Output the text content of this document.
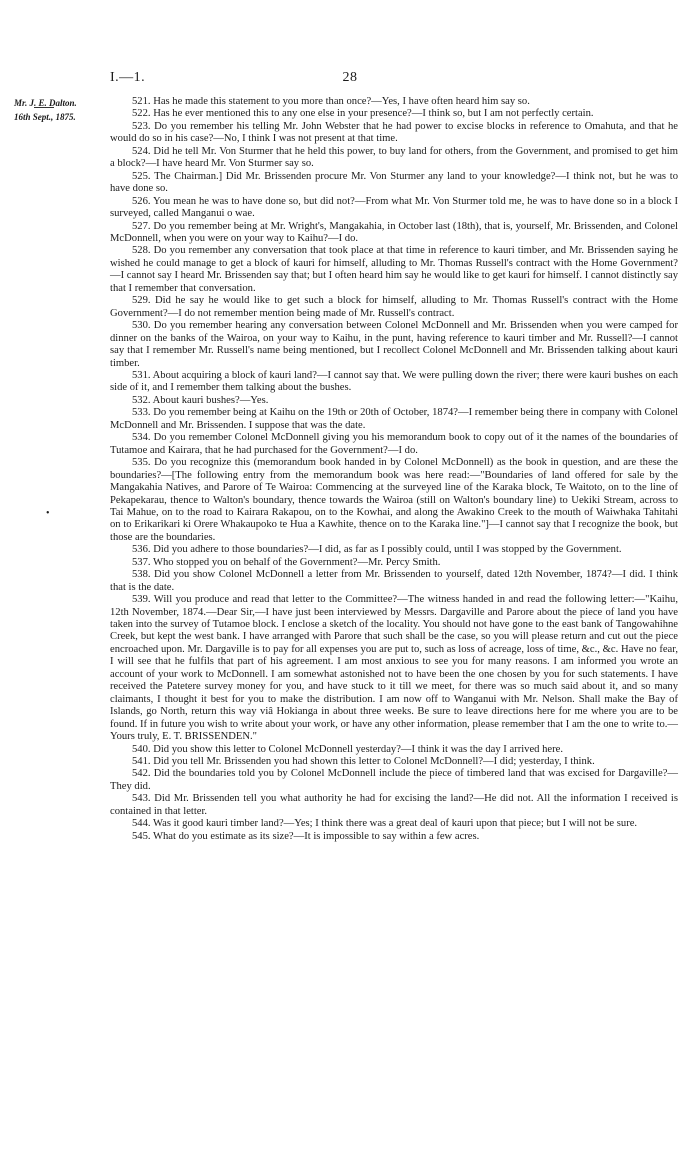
I.—1.	28
Mr. J. E. Dalton.
16th Sept., 1875.
•

521. Has he made this statement to you more than once?—Yes, I have often heard him say so.

522. Has he ever mentioned this to any one else in your presence?—I think so, but I am not perfectly certain.

523. Do you remember his telling Mr. John Webster that he had power to excise blocks in reference to Omahuta, and that he would do so in his case?—No, I think I was not present at that time.

524. Did he tell Mr. Von Sturmer that he held this power, to buy land for others, from the Government, and promised to get him a block?—I have heard Mr. Von Sturmer say so.

525. The Chairman.] Did Mr. Brissenden procure Mr. Von Sturmer any land to your knowledge?—I think not, but he was to have done so.

526. You mean he was to have done so, but did not?—From what Mr. Von Sturmer told me, he was to have done so in a block I surveyed, called Manganui o wae.

527. Do you remember being at Mr. Wright's, Mangakahia, in October last (18th), that is, yourself, Mr. Brissenden, and Colonel McDonnell, when you were on your way to Kaihu?—I do.

528. Do you remember any conversation that took place at that time in reference to kauri timber, and Mr. Brissenden saying he wished he could manage to get a block of kauri for himself, alluding to Mr. Thomas Russell's contract with the Home Government?—I cannot say I heard Mr. Brissenden say that; but I often heard him say he would like to get kauri for himself. I cannot distinctly say that I remember that conversation.

529. Did he say he would like to get such a block for himself, alluding to Mr. Thomas Russell's contract with the Home Government?—I do not remember mention being made of Mr. Russell's contract.

530. Do you remember hearing any conversation between Colonel McDonnell and Mr. Brissenden when you were camped for dinner on the banks of the Wairoa, on your way to Kaihu, in the punt, having reference to kauri timber and Mr. Russell?—I cannot say that I remember Mr. Russell's name being mentioned, but I recollect Colonel McDonnell and Mr. Brissenden talking about kauri timber.

531. About acquiring a block of kauri land?—I cannot say that. We were pulling down the river; there were kauri bushes on each side of it, and I remember them talking about the bushes.

532. About kauri bushes?—Yes.

533. Do you remember being at Kaihu on the 19th or 20th of October, 1874?—I remember being there in company with Colonel McDonnell and Mr. Brissenden. I suppose that was the date.

534. Do you remember Colonel McDonnell giving you his memorandum book to copy out of it the names of the boundaries of Tutamoe and Kairara, that he had purchased for the Government?—I do.

535. Do you recognize this (memorandum book handed in by Colonel McDonnell) as the book in question, and are these the boundaries?—[The following entry from the memorandum book was here read:—"Boundaries of land offered for sale by the Mangakahia Natives, and Parore of Te Wairoa: Commencing at the surveyed line of the Karaka block, Te Waitoto, on to the line of Pekapekarau, thence to Walton's boundary, thence towards the Wairoa (still on Walton's boundary line) to Uekiki Stream, across to Tai Mahue, on to the road to Kairara Rakapou, on to the Kowhai, and along the Awakino Creek to the mouth of Waiwhaka Tahitahi on to Erikarikari ki Orere Whakaupoko te Hua a Kawhite, thence on to the Karaka line."]—I cannot say that I recognize the book, but those are the boundaries.

536. Did you adhere to those boundaries?—I did, as far as I possibly could, until I was stopped by the Government.

537. Who stopped you on behalf of the Government?—Mr. Percy Smith.

538. Did you show Colonel McDonnell a letter from Mr. Brissenden to yourself, dated 12th November, 1874?—I did. I think that is the date.

539. Will you produce and read that letter to the Committee?—The witness handed in and read the following letter:—"Kaihu, 12th November, 1874.—Dear Sir,—I have just been interviewed by Messrs. Dargaville and Parore about the piece of land you have taken into the survey of Tutamoe block. I enclose a sketch of the locality. You should not have gone to the east bank of Tangowahihne Creek, but kept the west bank. I have arranged with Parore that such shall be the case, so you will please return and cut out the piece encroached upon. Mr. Dargaville is to pay for all expenses you are put to, such as loss of acreage, loss of time, &c., &c. Have no fear, I will see that he fulfils that part of his agreement. I am most anxious to see you for many reasons. I am informed you wrote an account of your work to McDonnell. I am somewhat astonished not to have been the one chosen by you for such statements. I have received the Patetere survey money for you, and have stuck to it till we meet, for there was so much said about it, and so many claimants, I thought it best for you to make the distribution. I am now off to Wanganui with Mr. Nelson. Shall make the Bay of Islands, go North, return this way viâ Hokianga in about three weeks. Be sure to leave directions here for me where you are to be found. If in future you wish to write about your work, or have any other information, please remember that I am the one to write to.—Yours truly, E. T. BRISSENDEN."

540. Did you show this letter to Colonel McDonnell yesterday?—I think it was the day I arrived here.

541. Did you tell Mr. Brissenden you had shown this letter to Colonel McDonnell?—I did; yesterday, I think.

542. Did the boundaries told you by Colonel McDonnell include the piece of timbered land that was excised for Dargaville?—They did.

543. Did Mr. Brissenden tell you what authority he had for excising the land?—He did not. All the information I received is contained in that letter.

544. Was it good kauri timber land?—Yes; I think there was a great deal of kauri upon that piece; but I will not be sure.

545. What do you estimate as its size?—It is impossible to say within a few acres.
